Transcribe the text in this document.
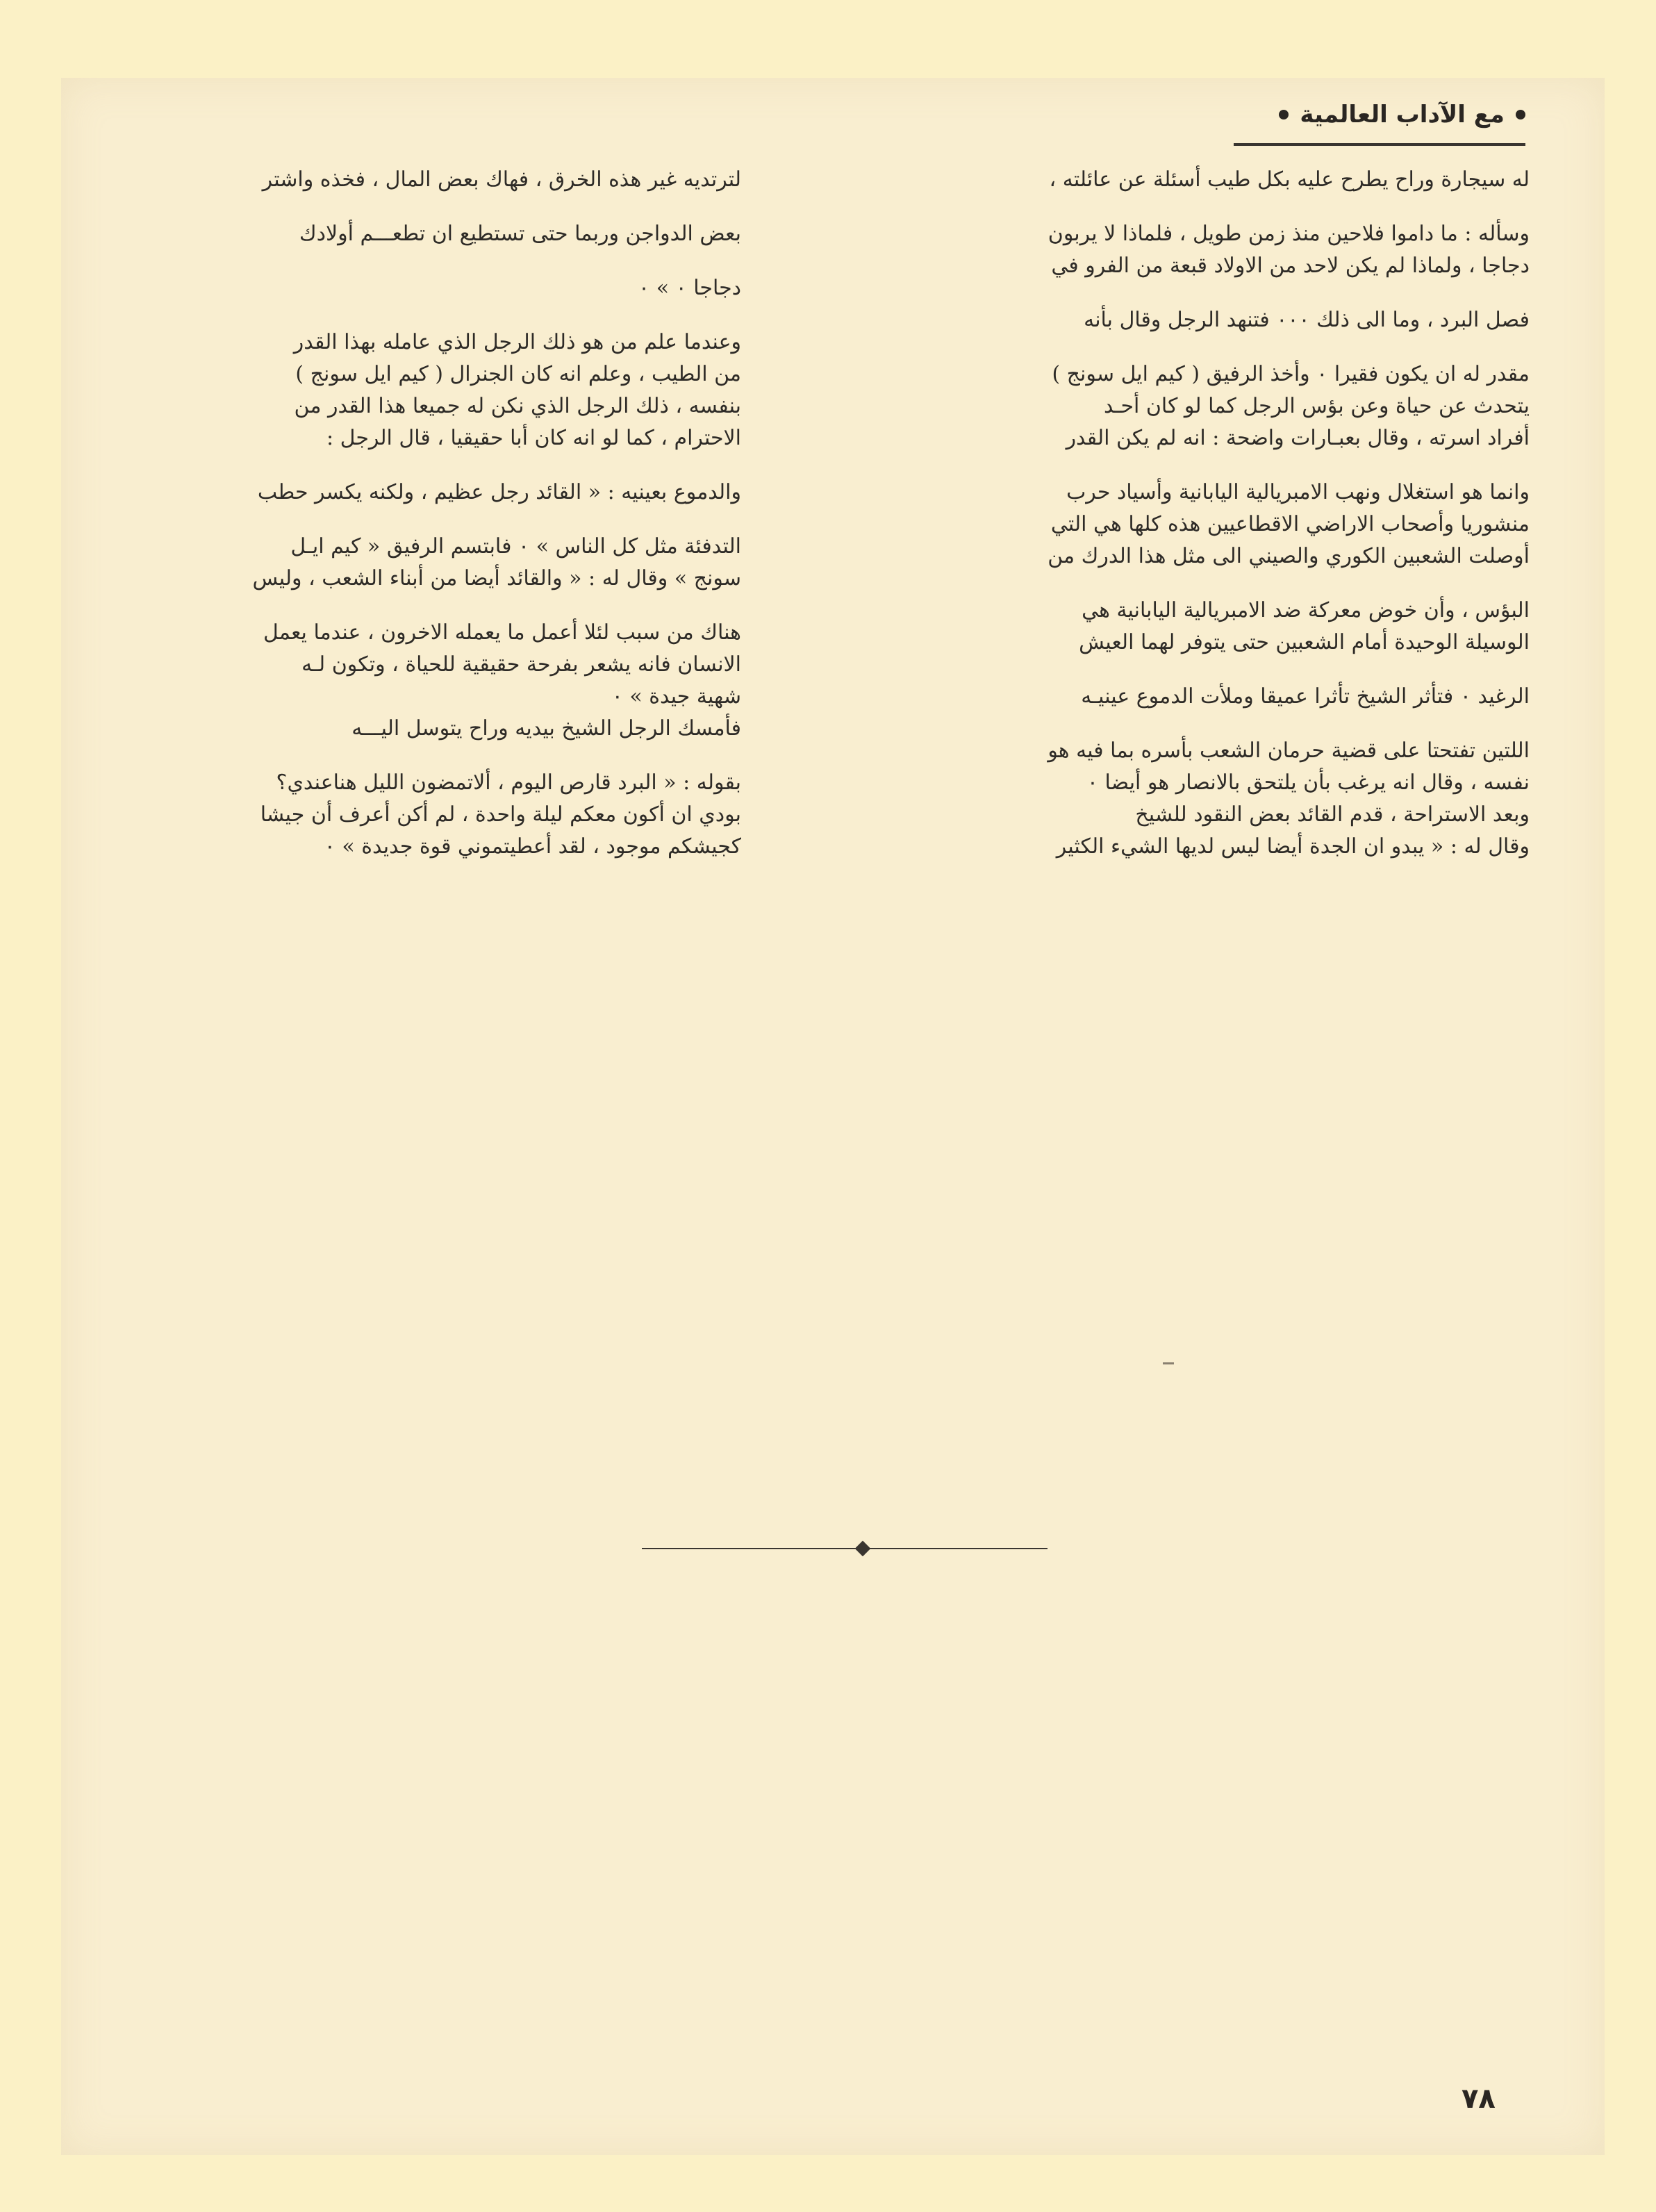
مع الآداب العالمية
له سيجارة وراح يطرح عليه بكل طيب أسئلة عن عائلته ،
وسأله : ما داموا فلاحين منذ زمن طويل ، فلماذا لا يربون
دجاجا ، ولماذا لم يكن لاحد من الاولاد قبعة من الفرو في
فصل البرد ، وما الى ذلك ٠٠٠ فتنهد الرجل وقال بأنه
مقدر له ان يكون فقيرا ٠ وأخذ الرفيق ( كيم ايل سونج )
يتحدث عن حياة وعن بؤس الرجل كما لو كان أحـد
أفراد اسرته ، وقال بعبـارات واضحة : انه لم يكن القدر
وانما هو استغلال ونهب الامبريالية اليابانية وأسياد حرب
منشوريا وأصحاب الاراضي الاقطاعيين هذه كلها هي التي
أوصلت الشعبين الكوري والصيني الى مثل هذا الدرك من
البؤس ، وأن خوض معركة ضد الامبريالية اليابانية هي
الوسيلة الوحيدة أمام الشعبين حتى يتوفر لهما العيش
الرغيد ٠ فتأثر الشيخ تأثرا عميقا وملأت الدموع عينيـه
اللتين تفتحتا على قضية حرمان الشعب بأسره بما فيه هو
نفسه ، وقال انه يرغب بأن يلتحق بالانصار هو أيضا ٠
وبعد الاستراحة ، قدم القائد بعض النقود للشيخ
وقال له : « يبدو ان الجدة أيضا ليس لديها الشيء الكثير
لترتديه غير هذه الخرق ، فهاك بعض المال ، فخذه واشتر
بعض الدواجن وربما حتى تستطيع ان تطعـــم أولادك
دجاجا ٠ » ٠
وعندما علم من هو ذلك الرجل الذي عامله بهذا القدر
من الطيب ، وعلم انه كان الجنرال ( كيم ايل سونج )
بنفسه ، ذلك الرجل الذي نكن له جميعا هذا القدر من
الاحترام ، كما لو انه كان أبا حقيقيا ، قال الرجل :
والدموع بعينيه : « القائد رجل عظيم ، ولكنه يكسر حطب
التدفئة مثل كل الناس » ٠ فابتسم الرفيق « كيم ايـل
سونج » وقال له : « والقائد أيضا من أبناء الشعب ، وليس
هناك من سبب لئلا أعمل ما يعمله الاخرون ، عندما يعمل
الانسان فانه يشعر بفرحة حقيقية للحياة ، وتكون لـه
شهية جيدة » ٠
فأمسك الرجل الشيخ بيديه وراح يتوسل اليـــه
بقوله : « البرد قارص اليوم ، ألاتمضون الليل هناعندي؟
بودي ان أكون معكم ليلة واحدة ، لم أكن أعرف أن جيشا
كجيشكم موجود ، لقد أعطيتموني قوة جديدة » ٠
٧٨
